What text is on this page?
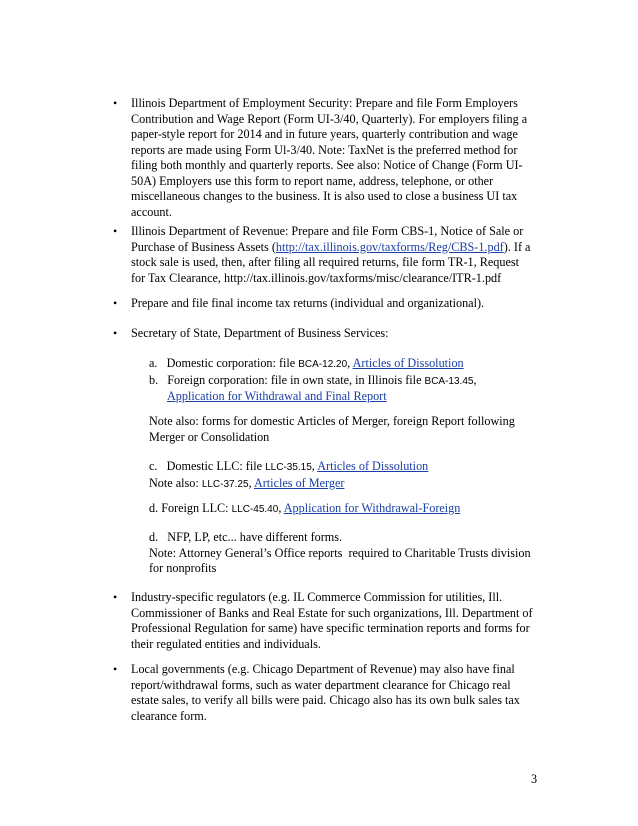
• Illinois Department of Employment Security: Prepare and file Form Employers
Contribution and Wage Report (Form UI-3/40, Quarterly). For employers filing a
paper-style report for 2014 and in future years, quarterly contribution and wage
reports are made using Form Ul-3/40. Note: TaxNet is the preferred method for
filing both monthly and quarterly reports. See also: Notice of Change (Form UI-
50A) Employers use this form to report name, address, telephone, or other
miscellaneous changes to the business. It is also used to close a business UI tax
account.
• Illinois Department of Revenue: Prepare and file Form CBS-1, Notice of Sale or
Purchase of Business Assets (http://tax.illinois.gov/taxforms/Reg/CBS-1.pdf). If a
stock sale is used, then, after filing all required returns, file form TR-1, Request
for Tax Clearance, http://tax.illinois.gov/taxforms/misc/clearance/ITR-1.pdf
• Prepare and file final income tax returns (individual and organizational).
• Secretary of State, Department of Business Services:
a.   Domestic corporation: file BCA-12.20, Articles of Dissolution
b.   Foreign corporation: file in own state, in Illinois file BCA-13.45,
Application for Withdrawal and Final Report
Note also: forms for domestic Articles of Merger, foreign Report following
Merger or Consolidation
c.   Domestic LLC: file LLC-35.15, Articles of Dissolution
Note also: LLC-37.25, Articles of Merger
d. Foreign LLC: LLC-45.40, Application for Withdrawal-Foreign
d.   NFP, LP, etc... have different forms.
Note: Attorney General’s Office reports  required to Charitable Trusts division
for nonprofits
• Industry-specific regulators (e.g. IL Commerce Commission for utilities, Ill.
Commissioner of Banks and Real Estate for such organizations, Ill. Department of
Professional Regulation for same) have specific termination reports and forms for
their regulated entities and individuals.
• Local governments (e.g. Chicago Department of Revenue) may also have final
report/withdrawal forms, such as water department clearance for Chicago real
estate sales, to verify all bills were paid. Chicago also has its own bulk sales tax
clearance form.
3
